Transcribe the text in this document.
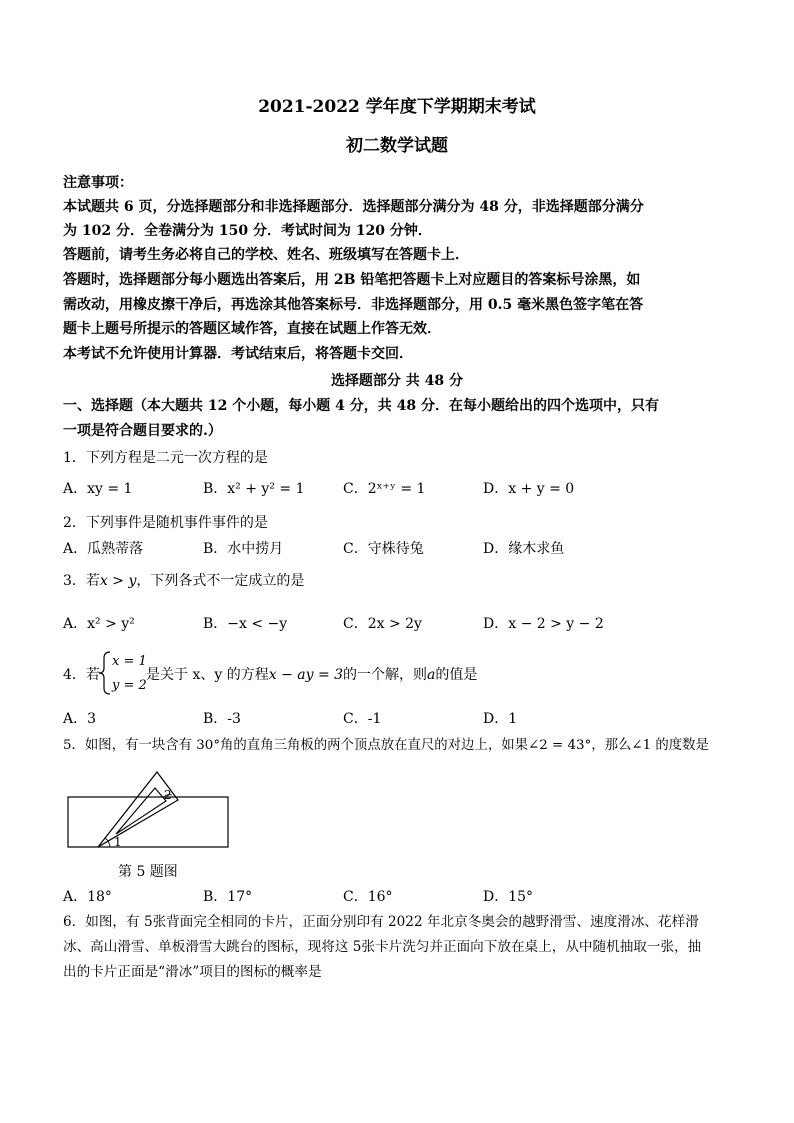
2021-2022 学年度下学期期末考试
初二数学试题
注意事项：
本试题共 6 页，分选择题部分和非选择题部分．选择题部分满分为 48 分，非选择题部分满分
为 102 分．全卷满分为 150 分．考试时间为 120 分钟．
答题前，请考生务必将自己的学校、姓名、班级填写在答题卡上．
答题时，选择题部分每小题选出答案后，用 2B 铅笔把答题卡上对应题目的答案标号涂黑，如
需改动，用橡皮擦干净后，再选涂其他答案标号．非选择题部分，用 0.5 毫米黑色签字笔在答
题卡上题号所提示的答题区域作答，直接在试题上作答无效．
本考试不允许使用计算器．考试结束后，将答题卡交回．
选择题部分 共 48 分
一、选择题（本大题共 12 个小题，每小题 4 分，共 48 分．在每小题给出的四个选项中，只有
一项是符合题目要求的.）
1．下列方程是二元一次方程的是
A．xy = 1	B．x² + y² = 1	C．2ˣ⁺ʸ = 1	D．x + y = 0
2．下列事件是随机事件事件的是
A．瓜熟蒂落	B．水中捞月	C．守株待兔	D．缘木求鱼
3．若x > y，下列各式不一定成立的是
A．x² > y²	B．−x < −y	C．2x > 2y	D．x − 2 > y − 2
4．若
x = 1
y = 2
是关于 x、y 的方程x − ay = 3的一个解，则a的值是
A．3	B．-3	C．-1	D．1
5．如图，有一块含有 30°角的直角三角板的两个顶点放在直尺的对边上，如果∠2 = 43°，那么∠1 的度数是
1
2
第 5 题图
A．18°	B．17°	C．16°	D．15°
6．如图，有 5张背面完全相同的卡片，正面分别印有 2022 年北京冬奥会的越野滑雪、速度滑冰、花样滑
冰、高山滑雪、单板滑雪大跳台的图标，现将这 5张卡片洗匀并正面向下放在桌上，从中随机抽取一张，抽
出的卡片正面是“滑冰”项目的图标的概率是
